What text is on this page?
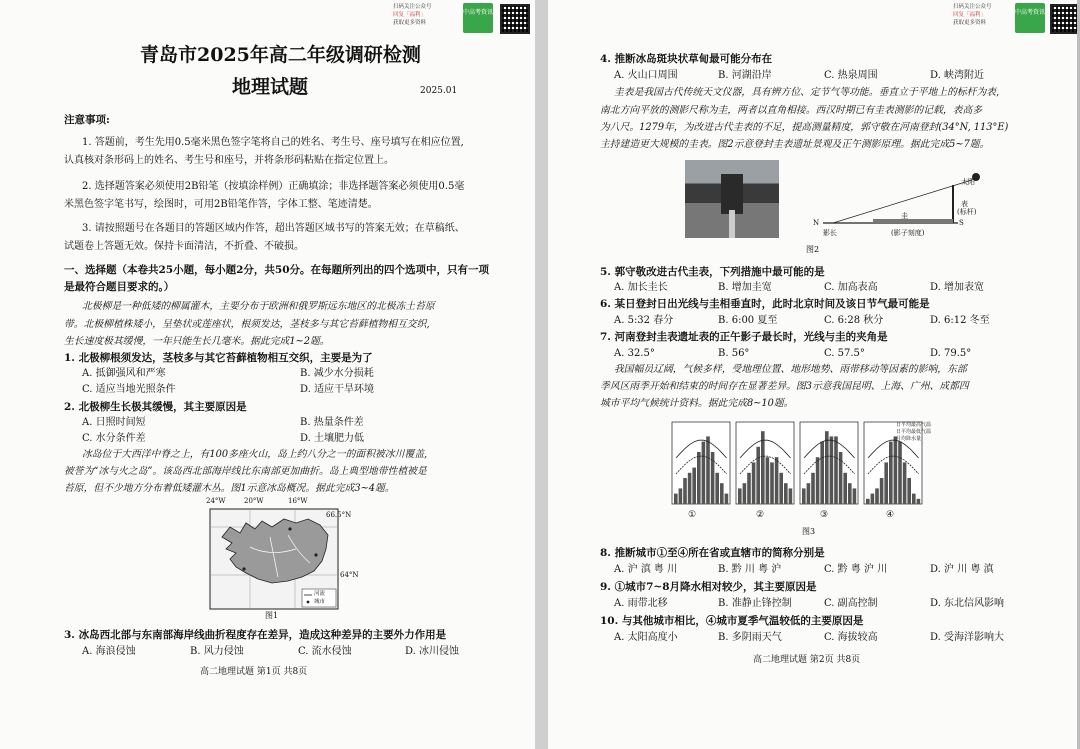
扫码关注公众号
回复「福利」
获取更多资料
中高考资讯
青岛市2025年高二年级调研检测
地理试题	2025.01
注意事项:
1. 答题前，考生先用0.5毫米黑色签字笔将自己的姓名、考生号、座号填写在相应位置,
认真核对条形码上的姓名、考生号和座号，并将条形码粘贴在指定位置上。
2. 选择题答案必须使用2B铅笔（按填涂样例）正确填涂；非选择题答案必须使用0.5毫
米黑色签字笔书写，绘图时，可用2B铅笔作答，字体工整、笔迹清楚。
3. 请按照题号在各题目的答题区域内作答，超出答题区域书写的答案无效；在草稿纸、
试题卷上答题无效。保持卡面清洁，不折叠、不破损。
一、选择题（本卷共25小题，每小题2分，共50分。在每题所列出的四个选项中，只有一项
是最符合题目要求的。）
北极柳是一种低矮的柳属灌木，主要分布于欧洲和俄罗斯远东地区的北极冻土苔原
带。北极柳植株矮小，呈垫状或莲座状，根须发达，茎枝多与其它苔藓植物相互交织,
生长速度极其缓慢，一年只能生长几毫米。据此完成1~2题。
1. 北极柳根须发达，茎枝多与其它苔藓植物相互交织，主要是为了
A. 抵御强风和严寒	B. 减少水分损耗
C. 适应当地光照条件	D. 适应干旱环境
2. 北极柳生长极其缓慢，其主要原因是
A. 日照时间短	B. 热量条件差
C. 水分条件差	D. 土壤肥力低
冰岛位于大西洋中脊之上，有100多座火山，岛上约八分之一的面积被冰川覆盖,
被誉为“冰与火之岛”。该岛西北部海岸线比东南部更加曲折。岛上典型地带性植被是
苔原，但不少地方分布着低矮灌木丛。图1示意冰岛概况。据此完成3~4题。
24°W	20°W	16°W
66.5°N
64°N
河流
城市
图1
3. 冰岛西北部与东南部海岸线曲折程度存在差异，造成这种差异的主要外力作用是
A. 海浪侵蚀	B. 风力侵蚀	C. 流水侵蚀	D. 冰川侵蚀
高二地理试题 第1页 共8页
扫码关注公众号
回复「福利」
获取更多资料
中高考资讯
4. 推断冰岛斑块状草甸最可能分布在
A. 火山口周围	B. 河湖沿岸	C. 热泉周围	D. 峡湾附近
圭表是我国古代传统天文仪器，具有辨方位、定节气等功能。垂直立于平地上的标杆为表,
南北方向平放的测影尺称为圭，两者以直角相接。西汉时期已有圭表测影的记载，表高多
为八尺。1279年，为改进古代圭表的不足，提高测量精度，郭守敬在河南登封(34°N, 113°E)
主持建造更大规模的圭表。图2示意登封圭表遗址景观及正午测影原理。据此完成5~7题。
太阳
表
(标杆)
圭
N	S
影长	(影子刻度)
图2
5. 郭守敬改进古代圭表，下列措施中最可能的是
A. 加长圭长	B. 增加圭宽	C. 加高表高	D. 增加表宽
6. 某日登封日出光线与圭相垂直时，此时北京时间及该日节气最可能是
A. 5:32 春分	B. 6:00 夏至	C. 6:28 秋分	D. 6:12 冬至
7. 河南登封圭表遗址表的正午影子最长时，光线与圭的夹角是
A. 32.5°	B. 56°	C. 57.5°	D. 79.5°
我国幅员辽阔，气候多样，受地理位置、地形地势、雨带移动等因素的影响，东部
季风区雨季开始和结束的时间存在显著差异。图3示意我国昆明、上海、广州、成都四
城市平均气候统计资料。据此完成8~10题。
日平均最高气温
日平均最低气温
月均降水量
①	②	③	④
图3
8. 推断城市①至④所在省或直辖市的简称分别是
A. 沪 滇 粤 川	B. 黔 川 粤 沪	C. 黔 粤 沪 川	D. 沪 川 粤 滇
9. ①城市7~8月降水相对较少，其主要原因是
A. 雨带北移	B. 准静止锋控制	C. 副高控制	D. 东北信风影响
10. 与其他城市相比，④城市夏季气温较低的主要原因是
A. 太阳高度小	B. 多阴雨天气	C. 海拔较高	D. 受海洋影响大
高二地理试题 第2页 共8页
